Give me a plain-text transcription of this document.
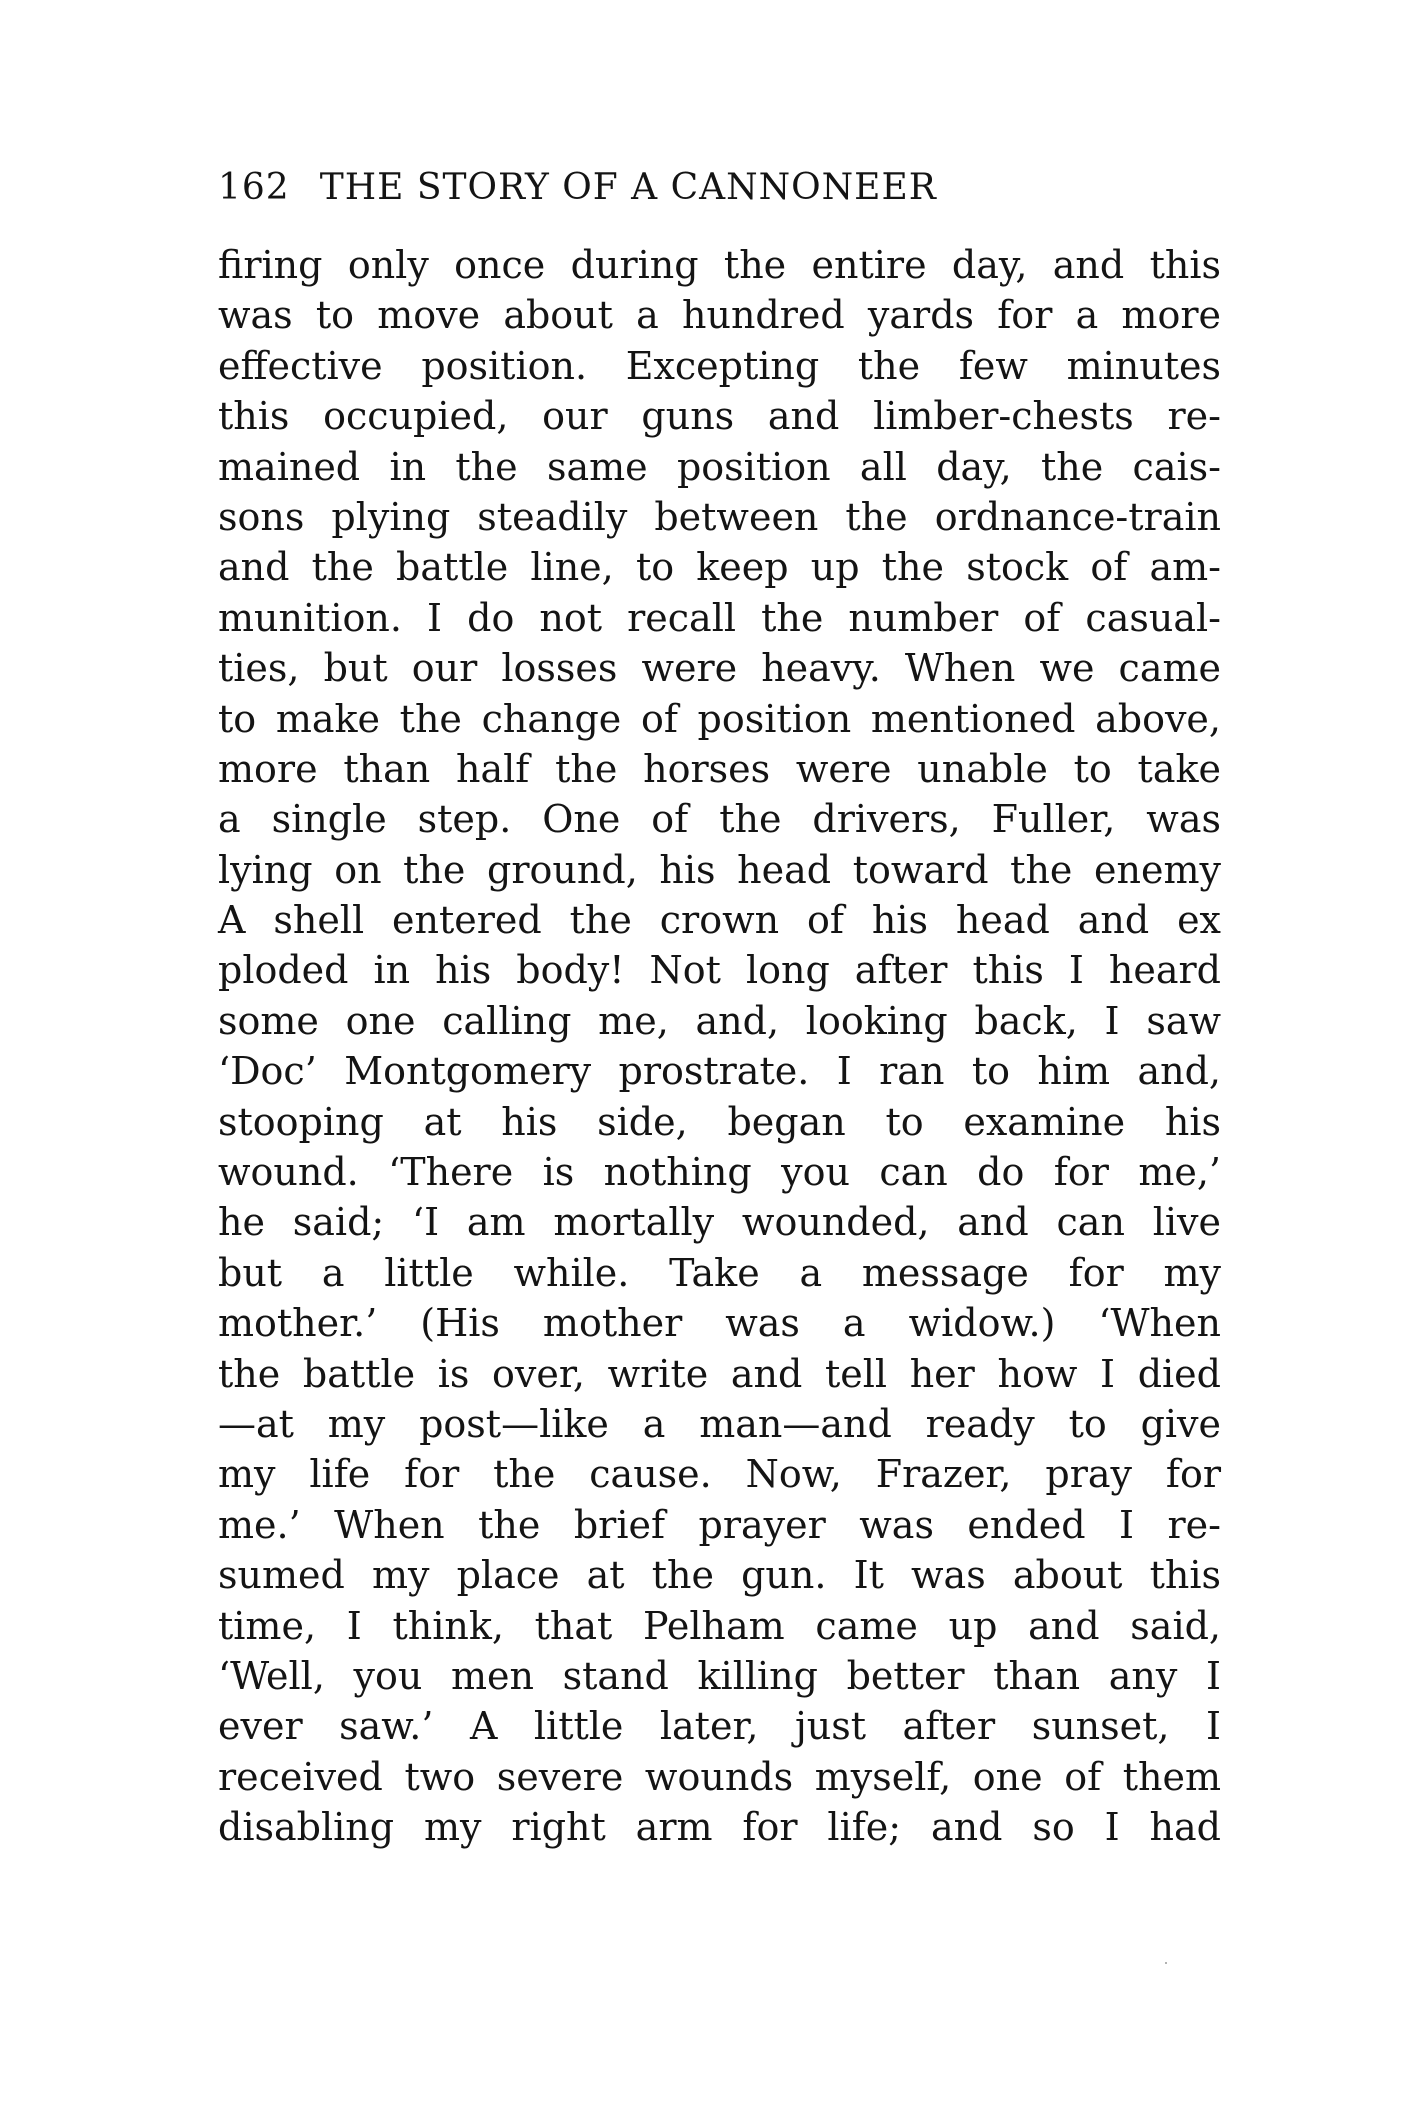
162 THE STORY OF A CANNONEER
firing only once during the entire day, and this
was to move about a hundred yards for a more
effective position. Excepting the few minutes
this occupied, our guns and limber-chests re-
mained in the same position all day, the cais-
sons plying steadily between the ordnance-train
and the battle line, to keep up the stock of am-
munition. I do not recall the number of casual-
ties, but our losses were heavy. When we came
to make the change of position mentioned above,
more than half the horses were unable to take
a single step. One of the drivers, Fuller, was
lying on the ground, his head toward the enemy
A shell entered the crown of his head and ex
ploded in his body! Not long after this I heard
some one calling me, and, looking back, I saw
‘Doc’ Montgomery prostrate. I ran to him and,
stooping at his side, began to examine his
wound. ‘There is nothing you can do for me,’
he said; ‘I am mortally wounded, and can live
but a little while. Take a message for my
mother.’ (His mother was a widow.) ‘When
the battle is over, write and tell her how I died
—at my post—like a man—and ready to give
my life for the cause. Now, Frazer, pray for
me.’ When the brief prayer was ended I re-
sumed my place at the gun. It was about this
time, I think, that Pelham came up and said,
‘Well, you men stand killing better than any I
ever saw.’ A little later, just after sunset, I
received two severe wounds myself, one of them
disabling my right arm for life; and so I had
